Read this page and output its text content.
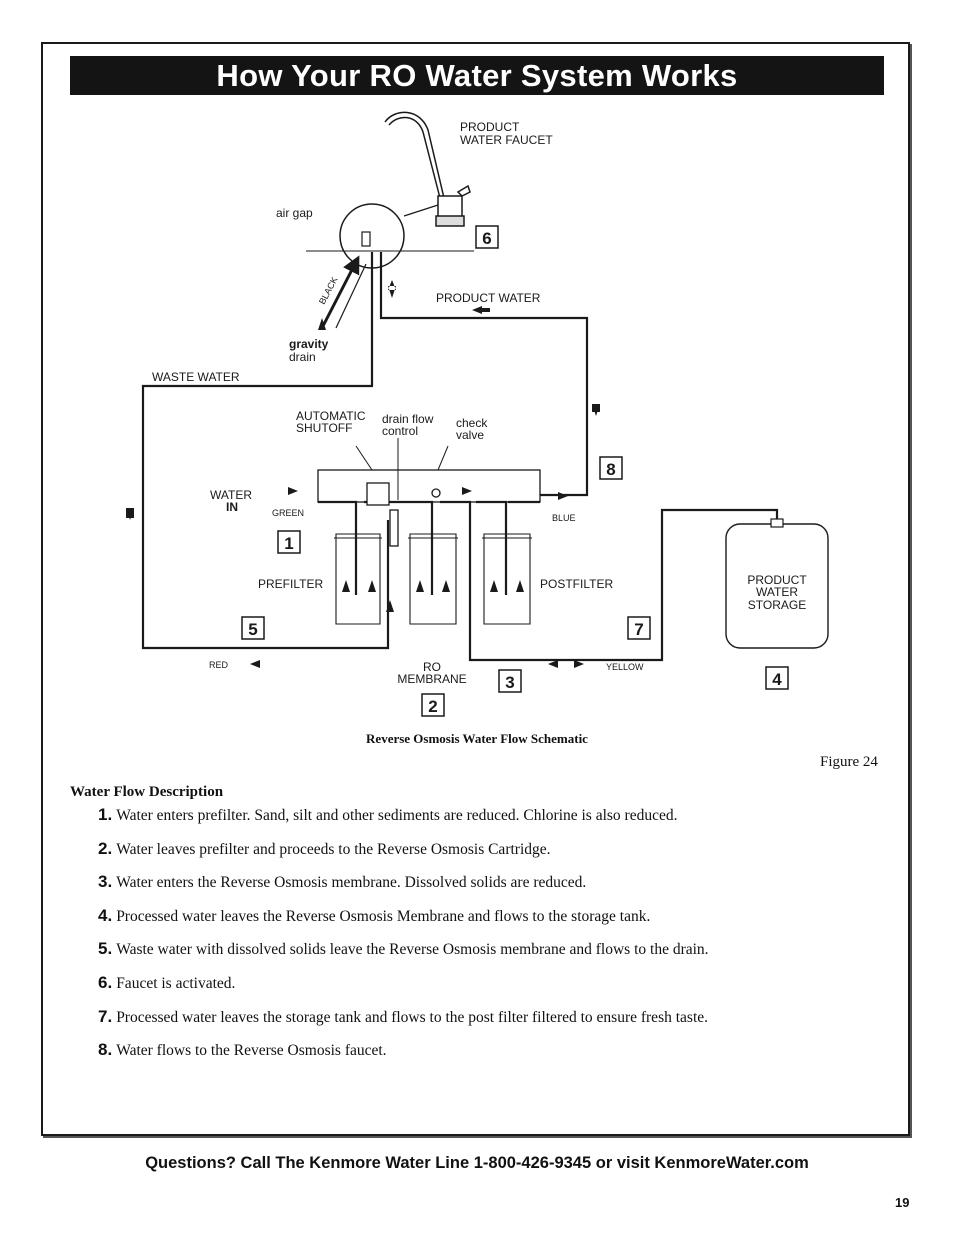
How Your RO Water System Works
PRODUCT
WATER FAUCET
air gap
BLACK
gravity
drain
PRODUCT WATER
WASTE WATER
AUTOMATIC
SHUTOFF
drain flow
control
check
valve
WATER
IN	GREEN	BLUE
PREFILTER	POSTFILTER	PRODUCT
WATER
STORAGE
RED	RO
MEMBRANE
YELLOW
6
8
1
5	7
4
3
2
Reverse Osmosis Water Flow Schematic
Figure 24
Water Flow Description
1. Water enters prefilter. Sand, silt and other sediments are reduced. Chlorine is also reduced.
2. Water leaves prefilter and proceeds to the Reverse Osmosis Cartridge.
3. Water enters the Reverse Osmosis membrane. Dissolved solids are reduced.
4. Processed water leaves the Reverse Osmosis Membrane and flows to the storage tank.
5. Waste water with dissolved solids leave the Reverse Osmosis membrane and flows to the drain.
6. Faucet is activated.
7. Processed water leaves the storage tank and flows to the post filter filtered to ensure fresh taste.
8. Water flows to the Reverse Osmosis faucet.
Questions? Call The Kenmore Water Line 1-800-426-9345 or visit KenmoreWater.com
19
